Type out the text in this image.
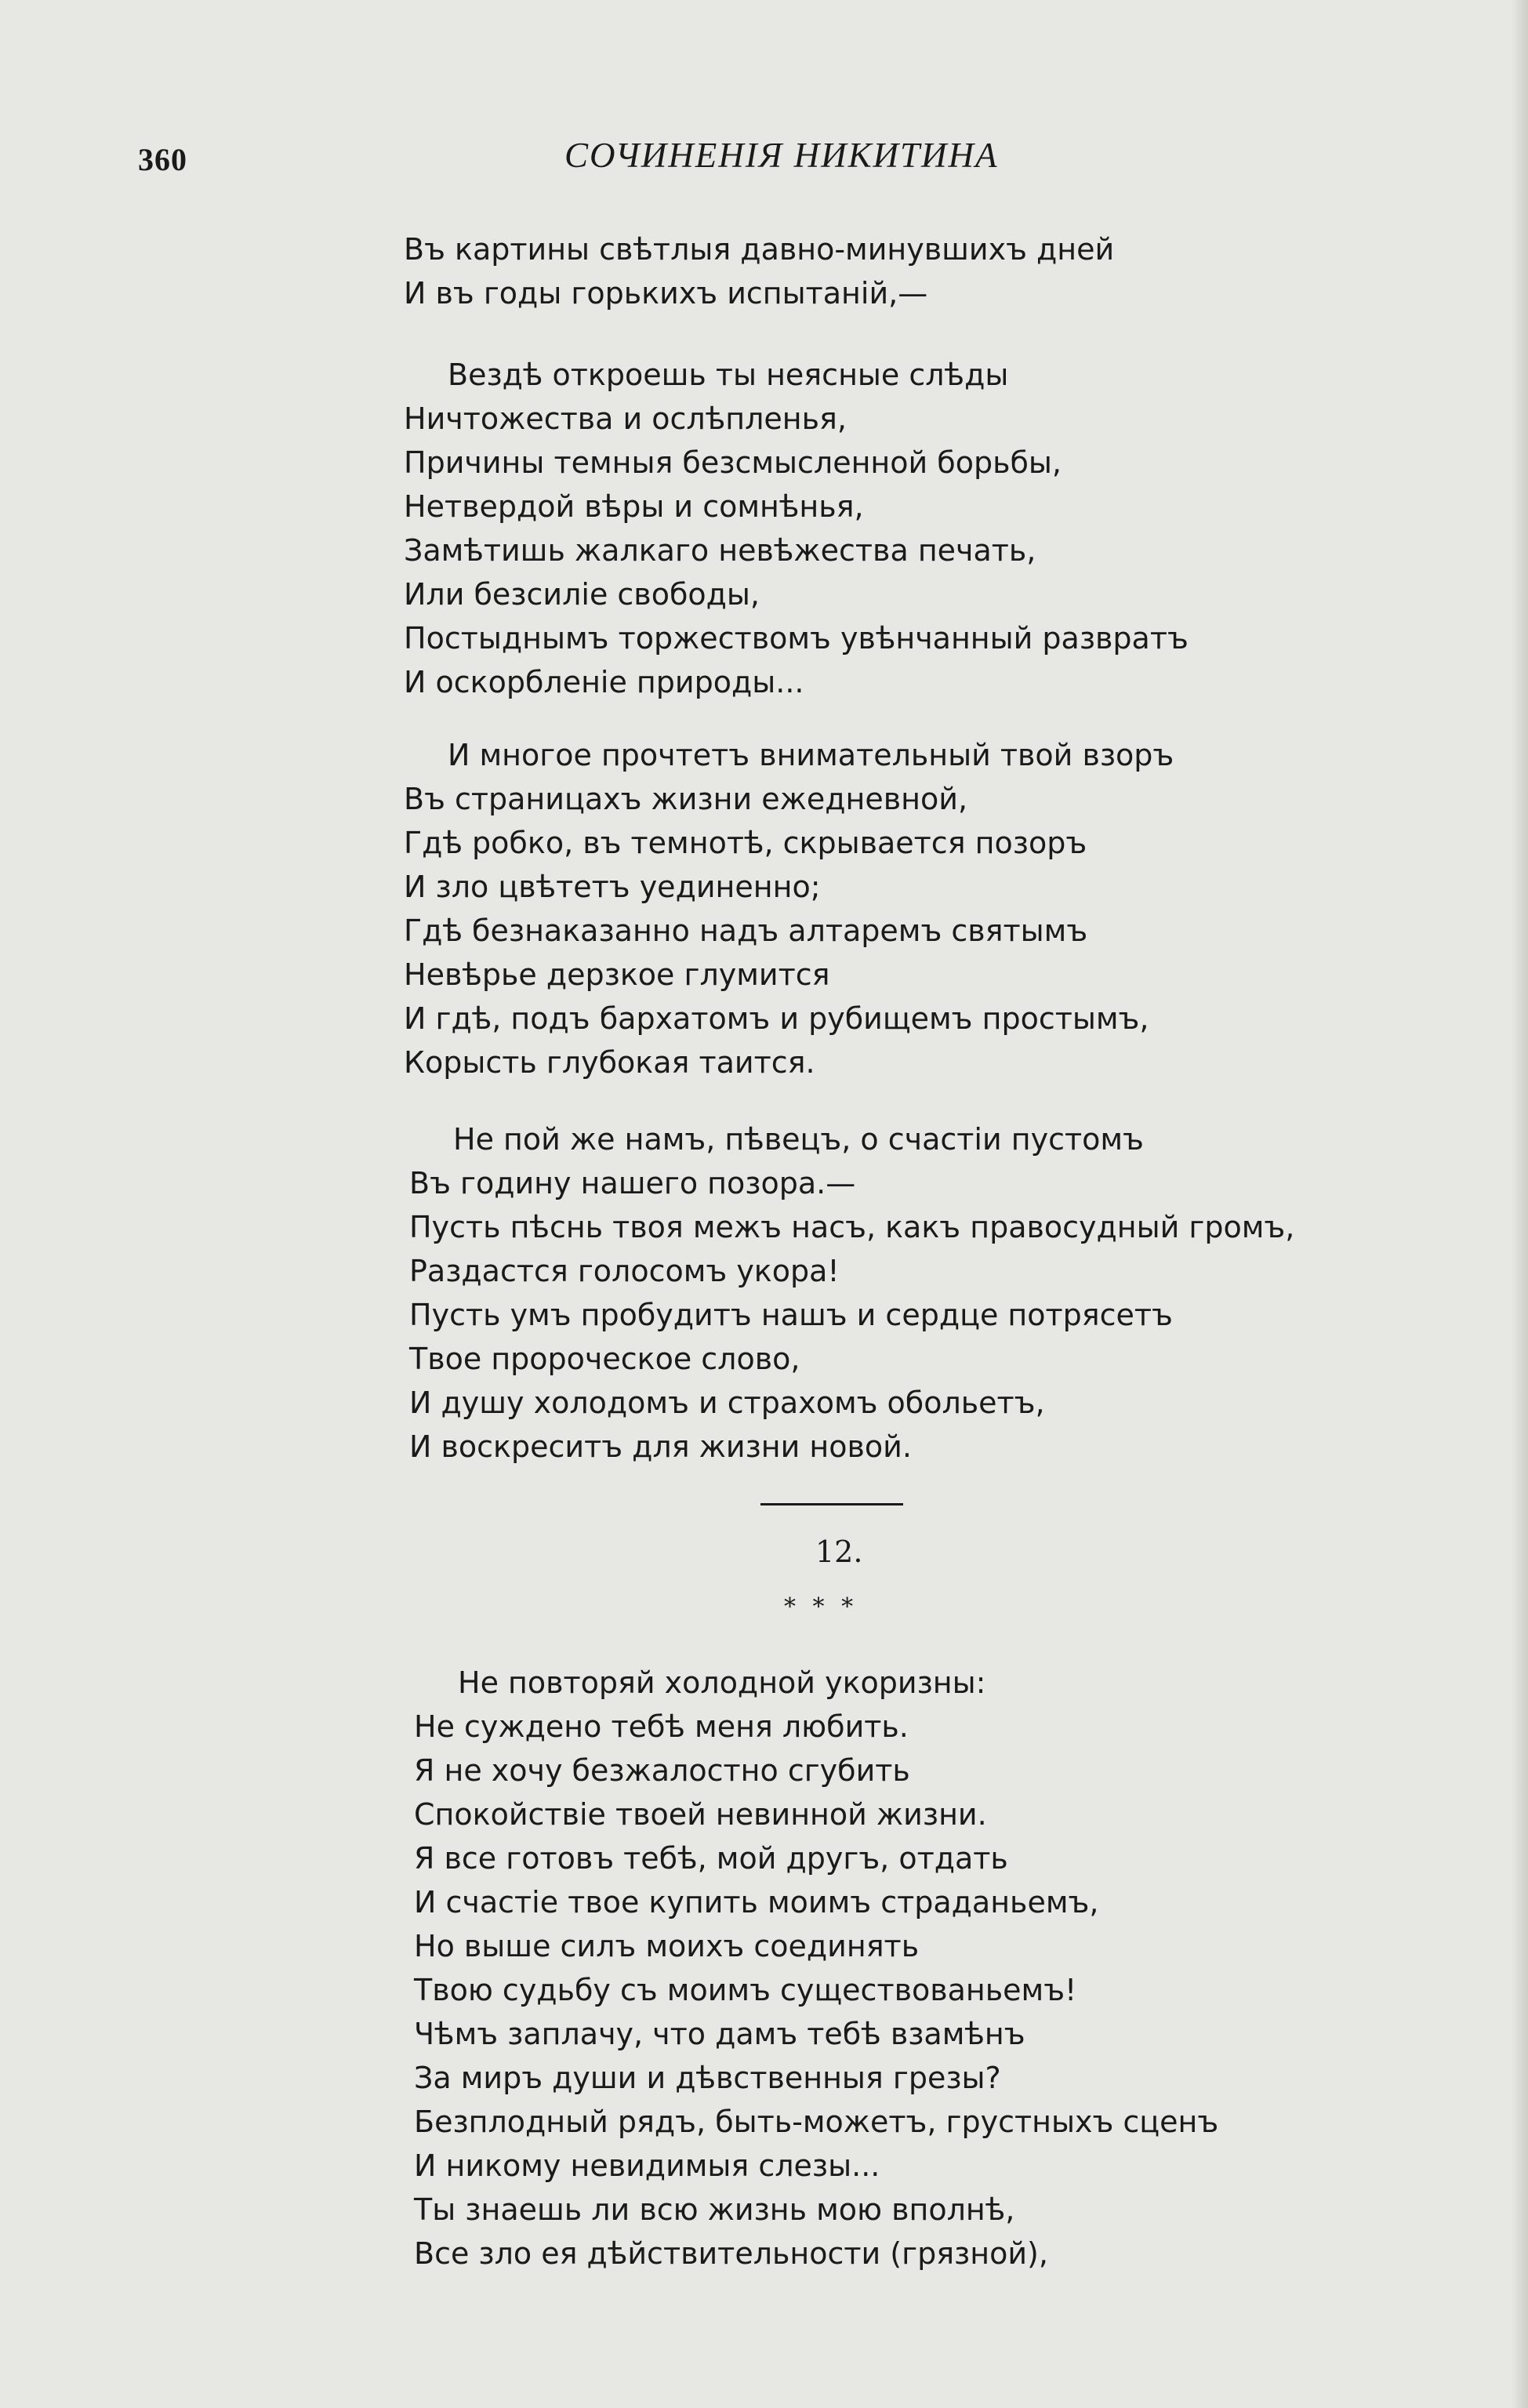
360	СОЧИНЕНІЯ НИКИТИНА
Въ картины свѣтлыя давно-минувшихъ дней
И въ годы горькихъ испытаній,—
Вездѣ откроешь ты неясные слѣды
Ничтожества и ослѣпленья,
Причины темныя безсмысленной борьбы,
Нетвердой вѣры и сомнѣнья,
Замѣтишь жалкаго невѣжества печать,
Или безсиліе свободы,
Постыднымъ торжествомъ увѣнчанный развратъ
И оскорбленіе природы...
И многое прочтетъ внимательный твой взоръ
Въ страницахъ жизни ежедневной,
Гдѣ робко, въ темнотѣ, скрывается позоръ
И зло цвѣтетъ уединенно;
Гдѣ безнаказанно надъ алтаремъ святымъ
Невѣрье дерзкое глумится
И гдѣ, подъ бархатомъ и рубищемъ простымъ,
Корысть глубокая таится.
Не пой же намъ, пѣвецъ, о счастіи пустомъ
Въ годину нашего позора.—
Пусть пѣснь твоя межъ насъ, какъ правосудный громъ,
Раздастся голосомъ укора!
Пусть умъ пробудитъ нашъ и сердце потрясетъ
Твое пророческое слово,
И душу холодомъ и страхомъ обольетъ,
И воскреситъ для жизни новой.
12.
* * *
Не повторяй холодной укоризны:
Не суждено тебѣ меня любить.
Я не хочу безжалостно сгубить
Спокойствіе твоей невинной жизни.
Я все готовъ тебѣ, мой другъ, отдать
И счастіе твое купить моимъ страданьемъ,
Но выше силъ моихъ соединять
Твою судьбу съ моимъ существованьемъ!
Чѣмъ заплачу, что дамъ тебѣ взамѣнъ
За миръ души и дѣвственныя грезы?
Безплодный рядъ, быть-можетъ, грустныхъ сценъ
И никому невидимыя слезы...
Ты знаешь ли всю жизнь мою вполнѣ,
Все зло ея дѣйствительности (грязной),
